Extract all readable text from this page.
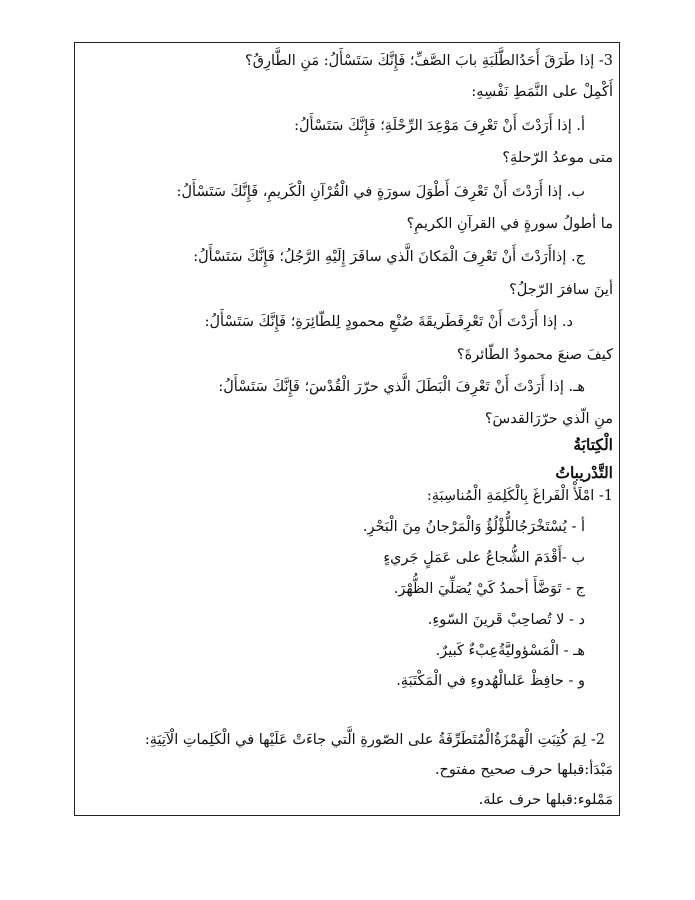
3- إذا طَرَقَ أَحَدُالطَّلَبَةِ بابَ الصَّفِّ؛ فَإِنَّكَ سَتَسْأَلُ: مَنِ الطَّارِقُ؟
أَكْمِلْ على النَّمَطِ نَفْسِهِ:
أ. إذا أَرَدْتَ أَنْ تَعْرِفَ مَوْعِدَ الرِّحْلَةِ؛ فَإِنَّكَ سَتَسْأَلُ:
متى موعدُ الرّحلةِ؟
ب. إذا أَرَدْتَ أَنْ تَعْرِفَ أَطْوَلَ سورَةٍ في الْقُرْآنِ الْكَريمِ، فَإِنَّكَ سَتَسْأَلُ:
ما أطولُ سورةٍ في القرآنِ الكريمِ؟
ج. إذاأَرَدْتَ أَنْ تَعْرِفَ الْمَكانَ الَّذي سافَرَ إِلَيْهِ الرَّجُلُ؛ فَإِنَّكَ سَتَسْأَلُ:
أينَ سافرَ الرّجلُ؟
د. إذا أَرَدْتَ أَنْ تَعْرِفَطَريقَةَ صُنْعِ محمودٍ لِلطّائِرَةِ؛ فَإِنَّكَ سَتَسْأَلُ:
كيفَ صنعَ محمودٌ الطّائرةَ؟
هـ. إذا أَرَدْتَ أَنْ تَعْرِفَ الْبَطَلَ الَّذي حرّرَ الْقُدْسَ؛ فَإِنَّكَ سَتَسْأَلُ:
منِ الّذي حرّرَالقدسَ؟
الْكِتابَةُ
التَّدْريباتُ
1- امْلَأْ الْفَراغَ بِالْكَلِمَةِ الْمُناسِبَةِ:
أ - يُسْتَخْرَجُاللُّؤْلُؤُ وَالْمَرْجانُ مِنَ الْبَحْرِ.
ب -أَقْدَمَ الشُّجاعُ على عَمَلٍ جَريءٍ
ج - تَوَضَّأَ أحمدُ كَيْ يُصَلِّيَ الظُّهْرَ.
د - لا تُصاحِبْ قَرينَ السّوءِ.
هـ - الْمَسْؤوليَّةُعِبْءٌ كَبيرٌ.
و - حافِظْ عَلىالْهُدوءِ في الْمَكْتَبَةِ.
2- لِمَ كُتِبَتِ الْهَمْزَةُالْمُتَطَرِّفَةُ على الصّورةِ الَّتي جاءَتْ عَلَيْها في الْكَلِماتِ الْآتِيَةِ:
مَبْدَأ:قبلها حرف صحيح مفتوح.
مَمْلوء:قبلها حرف علة.
